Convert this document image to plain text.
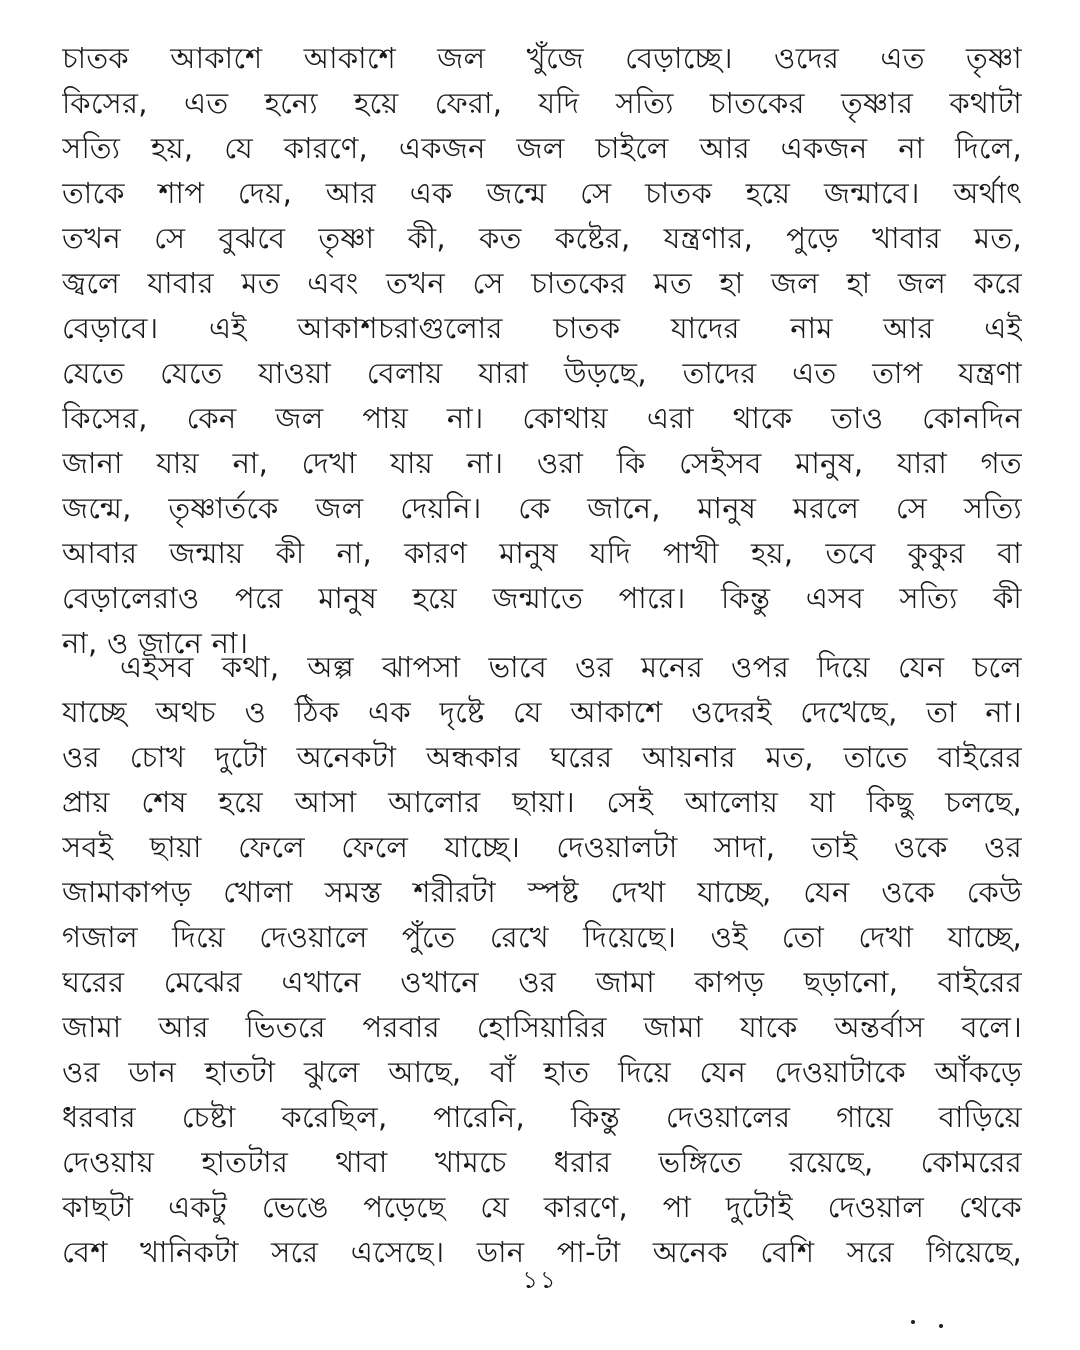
চাতক আকাশে আকাশে জল খুঁজে বেড়াচ্ছে। ওদের এত তৃষ্ণা
কিসের, এত হন্যে হয়ে ফেরা, যদি সত্যি চাতকের তৃষ্ণার কথাটা
সত্যি হয়, যে কারণে, একজন জল চাইলে আর একজন না দিলে,
তাকে শাপ দেয়, আর এক জন্মে সে চাতক হয়ে জন্মাবে। অর্থাৎ
তখন সে বুঝবে তৃষ্ণা কী, কত কষ্টের, যন্ত্রণার, পুড়ে খাবার মত,
জ্বলে যাবার মত এবং তখন সে চাতকের মত হা জল হা জল করে
বেড়াবে। এই আকাশচরাগুলোর চাতক যাদের নাম আর এই
যেতে যেতে যাওয়া বেলায় যারা উড়ছে, তাদের এত তাপ যন্ত্রণা
কিসের, কেন জল পায় না। কোথায় এরা থাকে তাও কোনদিন
জানা যায় না, দেখা যায় না। ওরা কি সেইসব মানুষ, যারা গত
জন্মে, তৃষ্ণার্তকে জল দেয়নি। কে জানে, মানুষ মরলে সে সত্যি
আবার জন্মায় কী না, কারণ মানুষ যদি পাখী হয়, তবে কুকুর বা
বেড়ালেরাও পরে মানুষ হয়ে জন্মাতে পারে। কিন্তু এসব সত্যি কী
না, ও জানে না।
এইসব কথা, অল্প ঝাপসা ভাবে ওর মনের ওপর দিয়ে যেন চলে
যাচ্ছে অথচ ও ঠিক এক দৃষ্টে যে আকাশে ওদেরই দেখেছে, তা না।
ওর চোখ দুটো অনেকটা অন্ধকার ঘরের আয়নার মত, তাতে বাইরের
প্রায় শেষ হয়ে আসা আলোর ছায়া। সেই আলোয় যা কিছু চলছে,
সবই ছায়া ফেলে ফেলে যাচ্ছে। দেওয়ালটা সাদা, তাই ওকে ওর
জামাকাপড় খোলা সমস্ত শরীরটা স্পষ্ট দেখা যাচ্ছে, যেন ওকে কেউ
গজাল দিয়ে দেওয়ালে পুঁতে রেখে দিয়েছে। ওই তো দেখা যাচ্ছে,
ঘরের মেঝের এখানে ওখানে ওর জামা কাপড় ছড়ানো, বাইরের
জামা আর ভিতরে পরবার হোসিয়ারির জামা যাকে অন্তর্বাস বলে।
ওর ডান হাতটা ঝুলে আছে, বাঁ হাত দিয়ে যেন দেওয়াটাকে আঁকড়ে
ধরবার চেষ্টা করেছিল, পারেনি, কিন্তু দেওয়ালের গায়ে বাড়িয়ে
দেওয়ায় হাতটার থাবা খামচে ধরার ভঙ্গিতে রয়েছে, কোমরের
কাছটা একটু ভেঙে পড়েছে যে কারণে, পা দুটোই দেওয়াল থেকে
বেশ খানিকটা সরে এসেছে। ডান পা-টা অনেক বেশি সরে গিয়েছে,
১১
